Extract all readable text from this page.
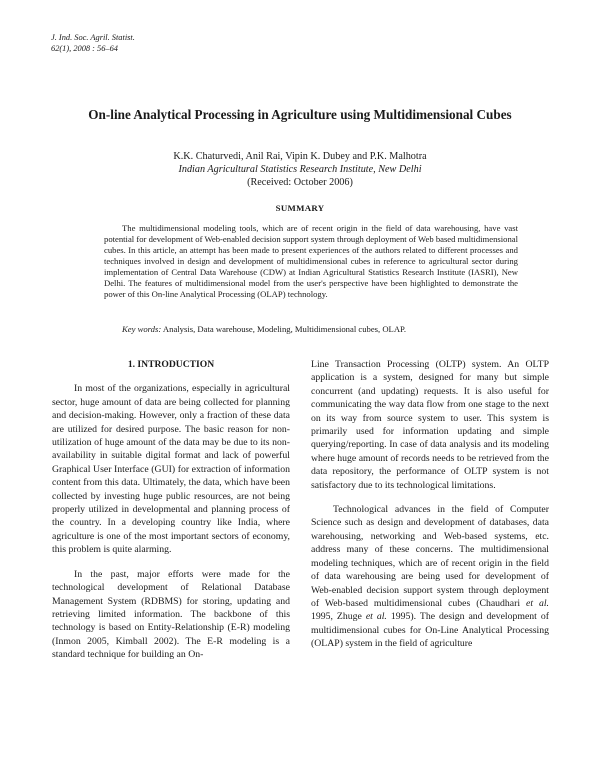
J. Ind. Soc. Agril. Statist.
62(1), 2008 : 56–64
On-line Analytical Processing in Agriculture using Multidimensional Cubes
K.K. Chaturvedi, Anil Rai, Vipin K. Dubey and P.K. Malhotra
Indian Agricultural Statistics Research Institute, New Delhi
(Received: October 2006)
SUMMARY

The multidimensional modeling tools, which are of recent origin in the field of data warehousing, have vast potential for development of Web-enabled decision support system through deployment of Web based multidimensional cubes. In this article, an attempt has been made to present experiences of the authors related to different processes and techniques involved in design and development of multidimensional cubes in reference to agricultural sector during implementation of Central Data Warehouse (CDW) at Indian Agricultural Statistics Research Institute (IASRI), New Delhi. The features of multidimensional model from the user's perspective have been highlighted to demonstrate the power of this On-line Analytical Processing (OLAP) technology.

Key words: Analysis, Data warehouse, Modeling, Multidimensional cubes, OLAP.

1. INTRODUCTION

In most of the organizations, especially in agricultural sector, huge amount of data are being collected for planning and decision-making. However, only a fraction of these data are utilized for desired purpose. The basic reason for non-utilization of huge amount of the data may be due to its non-availability in suitable digital format and lack of powerful Graphical User Interface (GUI) for extraction of information content from this data. Ultimately, the data, which have been collected by investing huge public resources, are not being properly utilized in developmental and planning process of the country. In a developing country like India, where agriculture is one of the most important sectors of economy, this problem is quite alarming.

In the past, major efforts were made for the technological development of Relational Database Management System (RDBMS) for storing, updating and retrieving limited information. The backbone of this technology is based on Entity-Relationship (E-R) modeling (Inmon 2005, Kimball 2002). The E-R modeling is a standard technique for building an On-

Line Transaction Processing (OLTP) system. An OLTP application is a system, designed for many but simple concurrent (and updating) requests. It is also useful for communicating the way data flow from one stage to the next on its way from source system to user. This system is primarily used for information updating and simple querying/reporting. In case of data analysis and its modeling where huge amount of records needs to be retrieved from the data repository, the performance of OLTP system is not satisfactory due to its technological limitations.

Technological advances in the field of Computer Science such as design and development of databases, data warehousing, networking and Web-based systems, etc. address many of these concerns. The multidimensional modeling techniques, which are of recent origin in the field of data warehousing are being used for development of Web-enabled decision support system through deployment of Web-based multidimensional cubes (Chaudhari et al. 1995, Zhuge et al. 1995). The design and development of multidimensional cubes for On-Line Analytical Processing (OLAP) system in the field of agriculture
